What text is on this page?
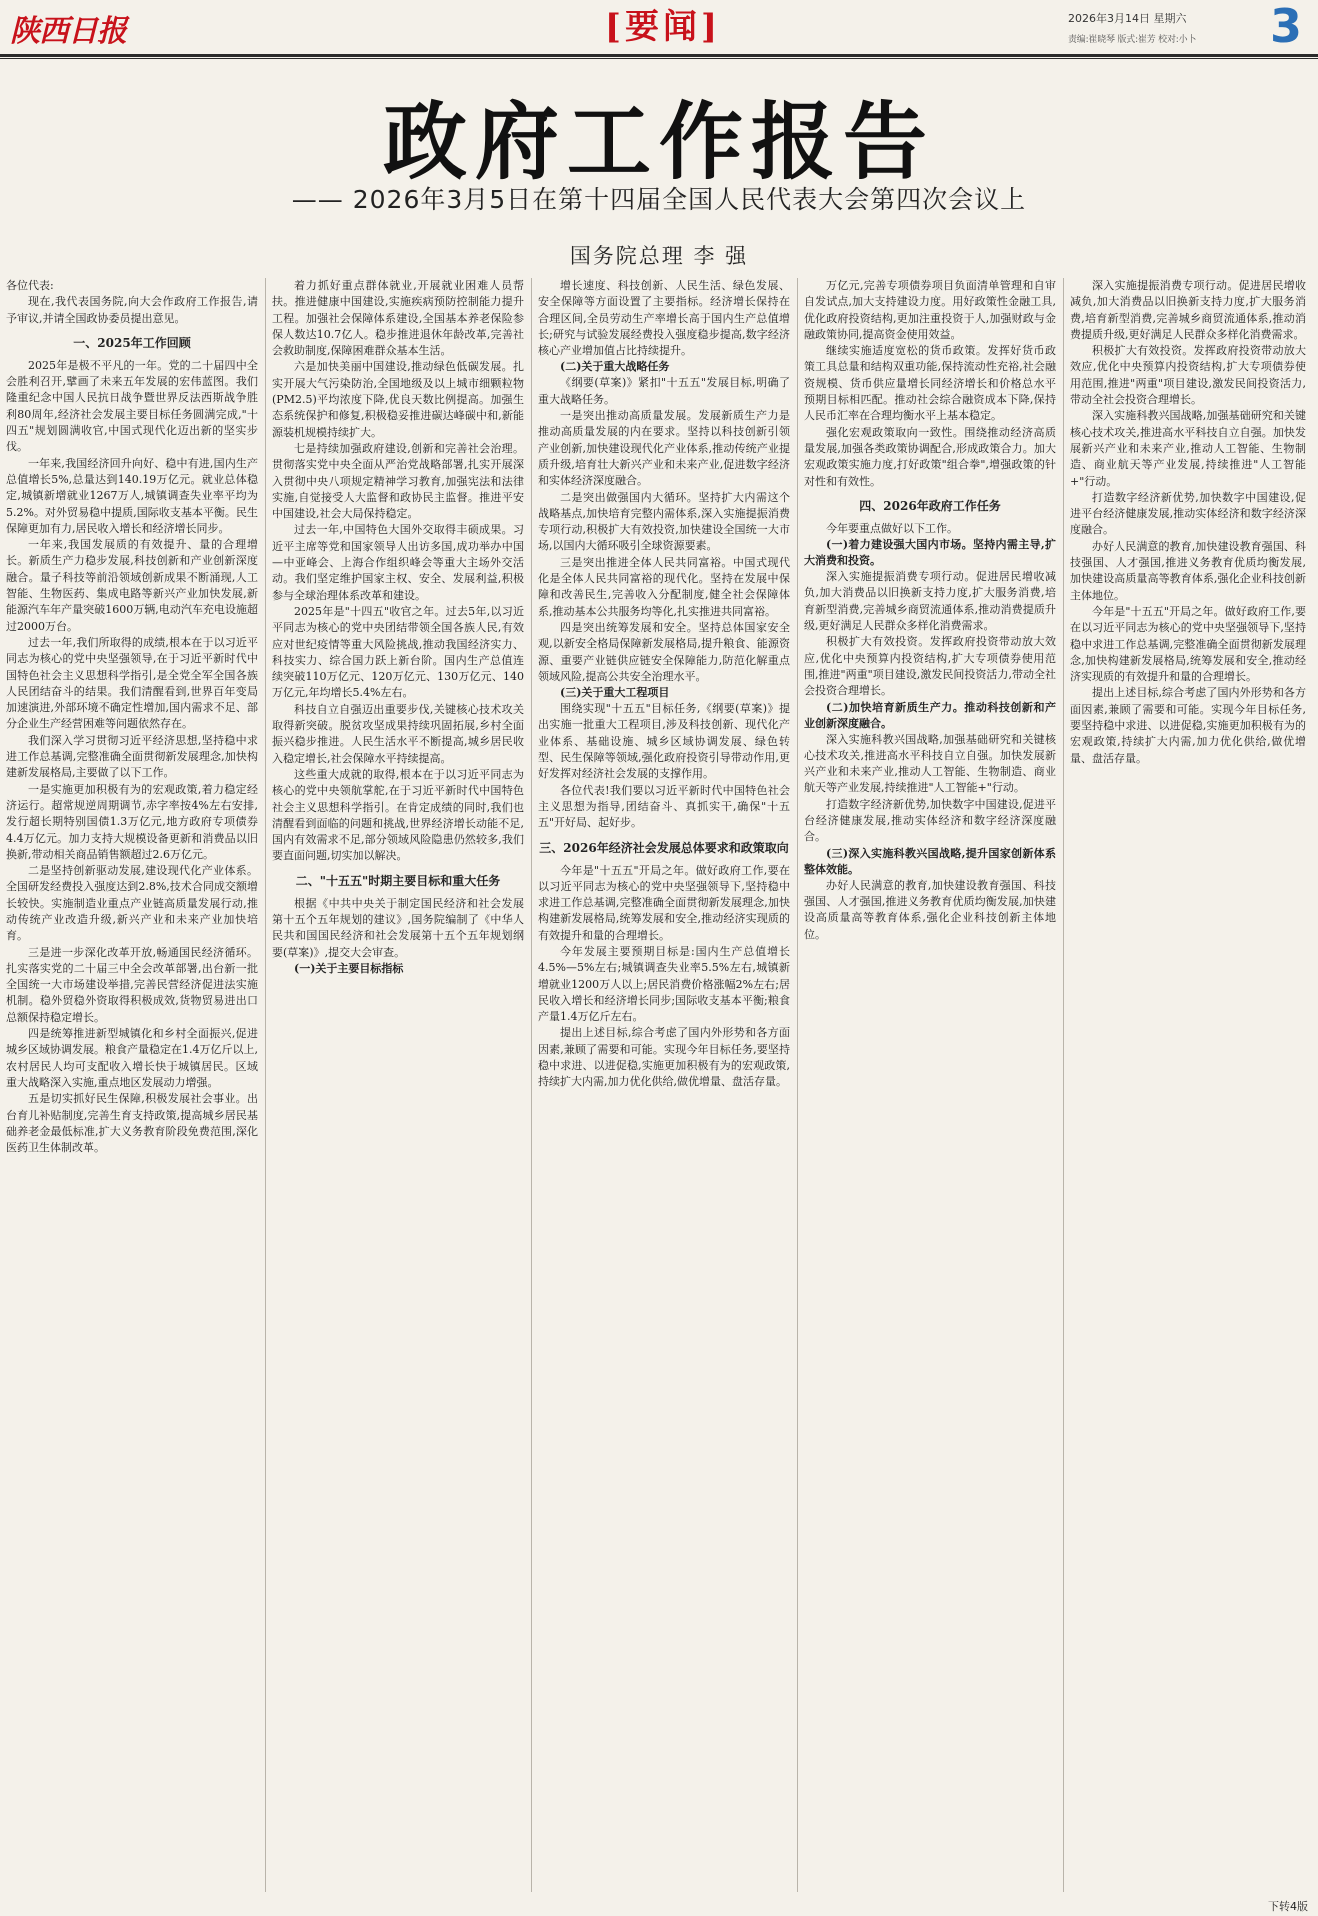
陕西日报	[要闻]	2026年3月14日 星期六
责编:崔晓琴 版式:崔芳 校对:小卜	3
政府工作报告
—— 2026年3月5日在第十四届全国人民代表大会第四次会议上
国务院总理 李 强

各位代表:

现在,我代表国务院,向大会作政府工作报告,请予审议,并请全国政协委员提出意见。

一、2025年工作回顾

2025年是极不平凡的一年。党的二十届四中全会胜利召开,擘画了未来五年发展的宏伟蓝图。我们隆重纪念中国人民抗日战争暨世界反法西斯战争胜利80周年,经济社会发展主要目标任务圆满完成,"十四五"规划圆满收官,中国式现代化迈出新的坚实步伐。

一年来,我国经济回升向好、稳中有进,国内生产总值增长5%,总量达到140.19万亿元。就业总体稳定,城镇新增就业1267万人,城镇调查失业率平均为5.2%。对外贸易稳中提质,国际收支基本平衡。民生保障更加有力,居民收入增长和经济增长同步。

一年来,我国发展质的有效提升、量的合理增长。新质生产力稳步发展,科技创新和产业创新深度融合。量子科技等前沿领域创新成果不断涌现,人工智能、生物医药、集成电路等新兴产业加快发展,新能源汽车年产量突破1600万辆,电动汽车充电设施超过2000万台。

过去一年,我们所取得的成绩,根本在于以习近平同志为核心的党中央坚强领导,在于习近平新时代中国特色社会主义思想科学指引,是全党全军全国各族人民团结奋斗的结果。我们清醒看到,世界百年变局加速演进,外部环境不确定性增加,国内需求不足、部分企业生产经营困难等问题依然存在。

我们深入学习贯彻习近平经济思想,坚持稳中求进工作总基调,完整准确全面贯彻新发展理念,加快构建新发展格局,主要做了以下工作。

一是实施更加积极有为的宏观政策,着力稳定经济运行。超常规逆周期调节,赤字率按4%左右安排,发行超长期特别国债1.3万亿元,地方政府专项债券4.4万亿元。加力支持大规模设备更新和消费品以旧换新,带动相关商品销售额超过2.6万亿元。

二是坚持创新驱动发展,建设现代化产业体系。全国研发经费投入强度达到2.8%,技术合同成交额增长较快。实施制造业重点产业链高质量发展行动,推动传统产业改造升级,新兴产业和未来产业加快培育。

三是进一步深化改革开放,畅通国民经济循环。扎实落实党的二十届三中全会改革部署,出台新一批全国统一大市场建设举措,完善民营经济促进法实施机制。稳外贸稳外资取得积极成效,货物贸易进出口总额保持稳定增长。

四是统筹推进新型城镇化和乡村全面振兴,促进城乡区域协调发展。粮食产量稳定在1.4万亿斤以上,农村居民人均可支配收入增长快于城镇居民。区域重大战略深入实施,重点地区发展动力增强。

五是切实抓好民生保障,积极发展社会事业。出台育儿补贴制度,完善生育支持政策,提高城乡居民基础养老金最低标准,扩大义务教育阶段免费范围,深化医药卫生体制改革。

着力抓好重点群体就业,开展就业困难人员帮扶。推进健康中国建设,实施疾病预防控制能力提升工程。加强社会保障体系建设,全国基本养老保险参保人数达10.7亿人。稳步推进退休年龄改革,完善社会救助制度,保障困难群众基本生活。

六是加快美丽中国建设,推动绿色低碳发展。扎实开展大气污染防治,全国地级及以上城市细颗粒物(PM2.5)平均浓度下降,优良天数比例提高。加强生态系统保护和修复,积极稳妥推进碳达峰碳中和,新能源装机规模持续扩大。

七是持续加强政府建设,创新和完善社会治理。贯彻落实党中央全面从严治党战略部署,扎实开展深入贯彻中央八项规定精神学习教育,加强宪法和法律实施,自觉接受人大监督和政协民主监督。推进平安中国建设,社会大局保持稳定。

过去一年,中国特色大国外交取得丰硕成果。习近平主席等党和国家领导人出访多国,成功举办中国—中亚峰会、上海合作组织峰会等重大主场外交活动。我们坚定维护国家主权、安全、发展利益,积极参与全球治理体系改革和建设。

2025年是"十四五"收官之年。过去5年,以习近平同志为核心的党中央团结带领全国各族人民,有效应对世纪疫情等重大风险挑战,推动我国经济实力、科技实力、综合国力跃上新台阶。国内生产总值连续突破110万亿元、120万亿元、130万亿元、140万亿元,年均增长5.4%左右。

科技自立自强迈出重要步伐,关键核心技术攻关取得新突破。脱贫攻坚成果持续巩固拓展,乡村全面振兴稳步推进。人民生活水平不断提高,城乡居民收入稳定增长,社会保障水平持续提高。

这些重大成就的取得,根本在于以习近平同志为核心的党中央领航掌舵,在于习近平新时代中国特色社会主义思想科学指引。在肯定成绩的同时,我们也清醒看到面临的问题和挑战,世界经济增长动能不足,国内有效需求不足,部分领域风险隐患仍然较多,我们要直面问题,切实加以解决。

二、"十五五"时期主要目标和重大任务

根据《中共中央关于制定国民经济和社会发展第十五个五年规划的建议》,国务院编制了《中华人民共和国国民经济和社会发展第十五个五年规划纲要(草案)》,提交大会审查。

(一)关于主要目标指标

增长速度、科技创新、人民生活、绿色发展、安全保障等方面设置了主要指标。经济增长保持在合理区间,全员劳动生产率增长高于国内生产总值增长;研究与试验发展经费投入强度稳步提高,数字经济核心产业增加值占比持续提升。

(二)关于重大战略任务

《纲要(草案)》紧扣"十五五"发展目标,明确了重大战略任务。

一是突出推动高质量发展。发展新质生产力是推动高质量发展的内在要求。坚持以科技创新引领产业创新,加快建设现代化产业体系,推动传统产业提质升级,培育壮大新兴产业和未来产业,促进数字经济和实体经济深度融合。

二是突出做强国内大循环。坚持扩大内需这个战略基点,加快培育完整内需体系,深入实施提振消费专项行动,积极扩大有效投资,加快建设全国统一大市场,以国内大循环吸引全球资源要素。

三是突出推进全体人民共同富裕。中国式现代化是全体人民共同富裕的现代化。坚持在发展中保障和改善民生,完善收入分配制度,健全社会保障体系,推动基本公共服务均等化,扎实推进共同富裕。

四是突出统筹发展和安全。坚持总体国家安全观,以新安全格局保障新发展格局,提升粮食、能源资源、重要产业链供应链安全保障能力,防范化解重点领域风险,提高公共安全治理水平。

(三)关于重大工程项目

围绕实现"十五五"目标任务,《纲要(草案)》提出实施一批重大工程项目,涉及科技创新、现代化产业体系、基础设施、城乡区域协调发展、绿色转型、民生保障等领域,强化政府投资引导带动作用,更好发挥对经济社会发展的支撑作用。

各位代表!我们要以习近平新时代中国特色社会主义思想为指导,团结奋斗、真抓实干,确保"十五五"开好局、起好步。

三、2026年经济社会发展总体要求和政策取向

今年是"十五五"开局之年。做好政府工作,要在以习近平同志为核心的党中央坚强领导下,坚持稳中求进工作总基调,完整准确全面贯彻新发展理念,加快构建新发展格局,统筹发展和安全,推动经济实现质的有效提升和量的合理增长。

今年发展主要预期目标是:国内生产总值增长4.5%—5%左右;城镇调查失业率5.5%左右,城镇新增就业1200万人以上;居民消费价格涨幅2%左右;居民收入增长和经济增长同步;国际收支基本平衡;粮食产量1.4万亿斤左右。

提出上述目标,综合考虑了国内外形势和各方面因素,兼顾了需要和可能。实现今年目标任务,要坚持稳中求进、以进促稳,实施更加积极有为的宏观政策,持续扩大内需,加力优化供给,做优增量、盘活存量。

万亿元,完善专项债券项目负面清单管理和自审自发试点,加大支持建设力度。用好政策性金融工具,优化政府投资结构,更加注重投资于人,加强财政与金融政策协同,提高资金使用效益。

继续实施适度宽松的货币政策。发挥好货币政策工具总量和结构双重功能,保持流动性充裕,社会融资规模、货币供应量增长同经济增长和价格总水平预期目标相匹配。推动社会综合融资成本下降,保持人民币汇率在合理均衡水平上基本稳定。

强化宏观政策取向一致性。围绕推动经济高质量发展,加强各类政策协调配合,形成政策合力。加大宏观政策实施力度,打好政策"组合拳",增强政策的针对性和有效性。

四、2026年政府工作任务

今年要重点做好以下工作。

(一)着力建设强大国内市场。坚持内需主导,扩大消费和投资。

深入实施提振消费专项行动。促进居民增收减负,加大消费品以旧换新支持力度,扩大服务消费,培育新型消费,完善城乡商贸流通体系,推动消费提质升级,更好满足人民群众多样化消费需求。

积极扩大有效投资。发挥政府投资带动放大效应,优化中央预算内投资结构,扩大专项债券使用范围,推进"两重"项目建设,激发民间投资活力,带动全社会投资合理增长。

(二)加快培育新质生产力。推动科技创新和产业创新深度融合。

深入实施科教兴国战略,加强基础研究和关键核心技术攻关,推进高水平科技自立自强。加快发展新兴产业和未来产业,推动人工智能、生物制造、商业航天等产业发展,持续推进"人工智能+"行动。

打造数字经济新优势,加快数字中国建设,促进平台经济健康发展,推动实体经济和数字经济深度融合。

(三)深入实施科教兴国战略,提升国家创新体系整体效能。

办好人民满意的教育,加快建设教育强国、科技强国、人才强国,推进义务教育优质均衡发展,加快建设高质量高等教育体系,强化企业科技创新主体地位。

深入实施提振消费专项行动。促进居民增收减负,加大消费品以旧换新支持力度,扩大服务消费,培育新型消费,完善城乡商贸流通体系,推动消费提质升级,更好满足人民群众多样化消费需求。

积极扩大有效投资。发挥政府投资带动放大效应,优化中央预算内投资结构,扩大专项债券使用范围,推进"两重"项目建设,激发民间投资活力,带动全社会投资合理增长。

深入实施科教兴国战略,加强基础研究和关键核心技术攻关,推进高水平科技自立自强。加快发展新兴产业和未来产业,推动人工智能、生物制造、商业航天等产业发展,持续推进"人工智能+"行动。

打造数字经济新优势,加快数字中国建设,促进平台经济健康发展,推动实体经济和数字经济深度融合。

办好人民满意的教育,加快建设教育强国、科技强国、人才强国,推进义务教育优质均衡发展,加快建设高质量高等教育体系,强化企业科技创新主体地位。

今年是"十五五"开局之年。做好政府工作,要在以习近平同志为核心的党中央坚强领导下,坚持稳中求进工作总基调,完整准确全面贯彻新发展理念,加快构建新发展格局,统筹发展和安全,推动经济实现质的有效提升和量的合理增长。

提出上述目标,综合考虑了国内外形势和各方面因素,兼顾了需要和可能。实现今年目标任务,要坚持稳中求进、以进促稳,实施更加积极有为的宏观政策,持续扩大内需,加力优化供给,做优增量、盘活存量。

下转4版
